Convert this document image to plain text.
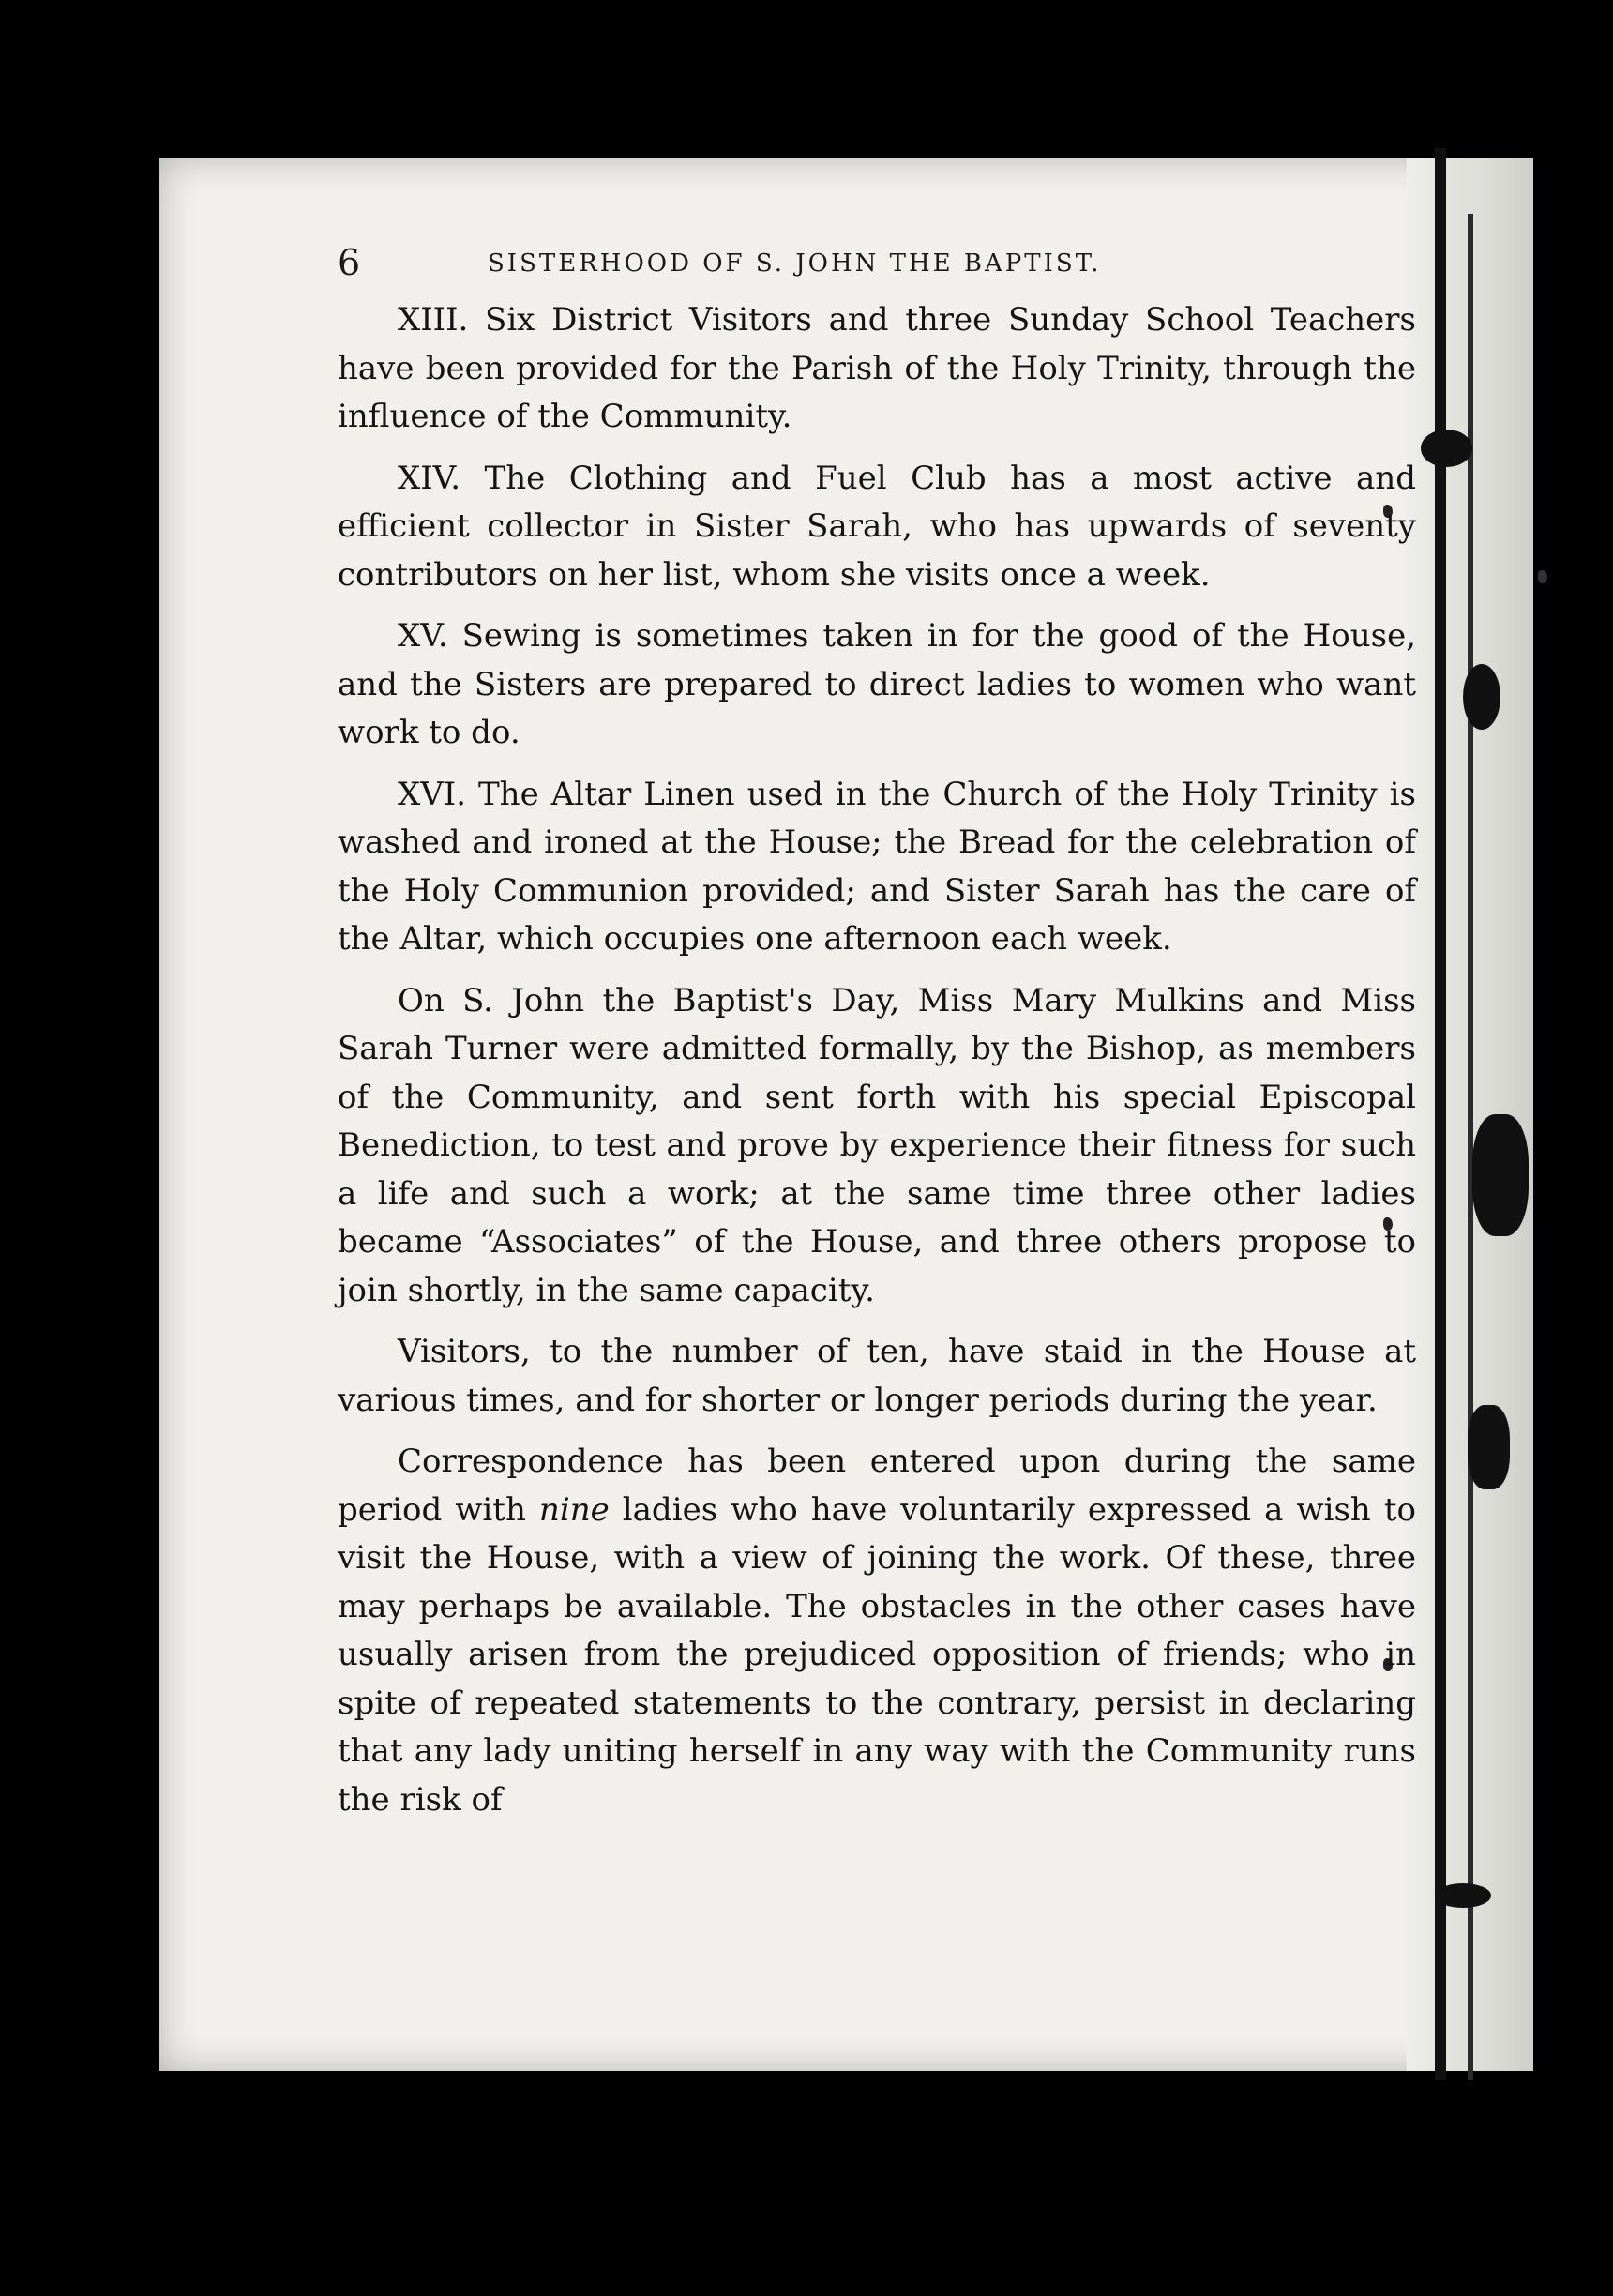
6	SISTERHOOD OF S. JOHN THE BAPTIST.

XIII. Six District Visitors and three Sunday School Teachers have been provided for the Parish of the Holy Trinity, through the influence of the Community.

XIV. The Clothing and Fuel Club has a most active and efficient collector in Sister Sarah, who has upwards of seventy contributors on her list, whom she visits once a week.

XV. Sewing is sometimes taken in for the good of the House, and the Sisters are prepared to direct ladies to women who want work to do.

XVI. The Altar Linen used in the Church of the Holy Trinity is washed and ironed at the House; the Bread for the celebration of the Holy Communion provided; and Sister Sarah has the care of the Altar, which occupies one afternoon each week.

On S. John the Baptist's Day, Miss Mary Mulkins and Miss Sarah Turner were admitted formally, by the Bishop, as members of the Community, and sent forth with his special Episcopal Benediction, to test and prove by experience their fitness for such a life and such a work; at the same time three other ladies became “Associates” of the House, and three others propose to join shortly, in the same capacity.

Visitors, to the number of ten, have staid in the House at various times, and for shorter or longer periods during the year.

Correspondence has been entered upon during the same period with nine ladies who have voluntarily expressed a wish to visit the House, with a view of joining the work. Of these, three may perhaps be available. The obstacles in the other cases have usually arisen from the prejudiced opposition of friends; who in spite of repeated statements to the contrary, persist in declaring that any lady uniting herself in any way with the Community runs the risk of
